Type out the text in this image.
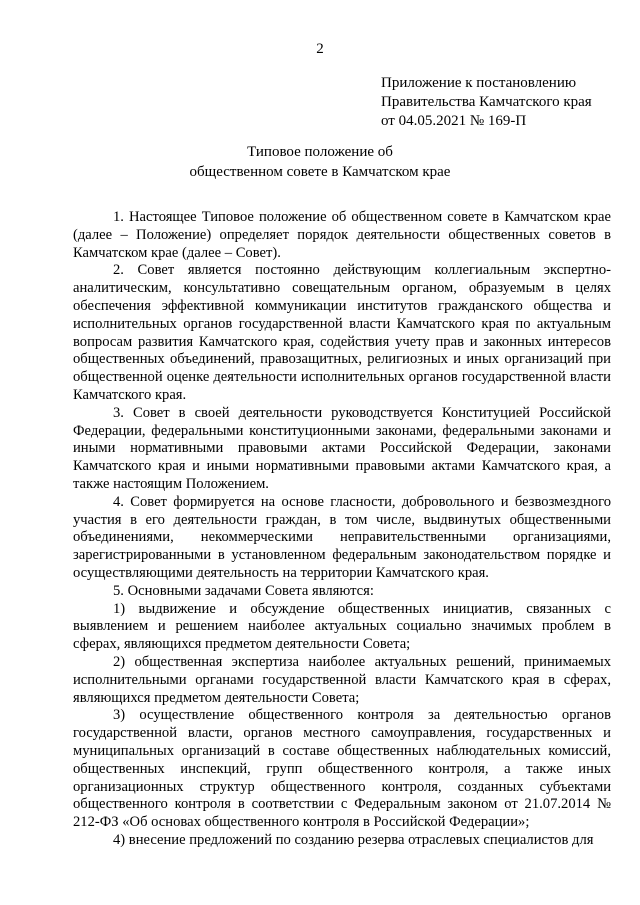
2
Приложение к постановлению
Правительства Камчатского края
от 04.05.2021 № 169-П
Типовое положение об
общественном совете в Камчатском крае

1. Настоящее Типовое положение об общественном совете в Камчатском крае (далее – Положение) определяет порядок деятельности общественных советов в Камчатском крае (далее – Совет).

2. Совет является постоянно действующим коллегиальным экспертно-аналитическим, консультативно совещательным органом, образуемым в целях обеспечения эффективной коммуникации институтов гражданского общества и исполнительных органов государственной власти Камчатского края по актуальным вопросам развития Камчатского края, содействия учету прав и законных интересов общественных объединений, правозащитных, религиозных и иных организаций при общественной оценке деятельности исполнительных органов государственной власти Камчатского края.

3. Совет в своей деятельности руководствуется Конституцией Российской Федерации, федеральными конституционными законами, федеральными законами и иными нормативными правовыми актами Российской Федерации, законами Камчатского края и иными нормативными правовыми актами Камчатского края, а также настоящим Положением.

4. Совет формируется на основе гласности, добровольного и безвозмездного участия в его деятельности граждан, в том числе, выдвинутых общественными объединениями, некоммерческими неправительственными организациями, зарегистрированными в установленном федеральным законодательством порядке и осуществляющими деятельность на территории Камчатского края.

5. Основными задачами Совета являются:

1) выдвижение и обсуждение общественных инициатив, связанных с выявлением и решением наиболее актуальных социально значимых проблем в сферах, являющихся предметом деятельности Совета;

2) общественная экспертиза наиболее актуальных решений, принимаемых исполнительными органами государственной власти Камчатского края в сферах, являющихся предметом деятельности Совета;

3) осуществление общественного контроля за деятельностью органов государственной власти, органов местного самоуправления, государственных и муниципальных организаций в составе общественных наблюдательных комиссий, общественных инспекций, групп общественного контроля, а также иных организационных структур общественного контроля, созданных субъектами общественного контроля в соответствии с Федеральным законом от 21.07.2014 № 212-ФЗ «Об основах общественного контроля в Российской Федерации»;

4) внесение предложений по созданию резерва отраслевых специалистов для
